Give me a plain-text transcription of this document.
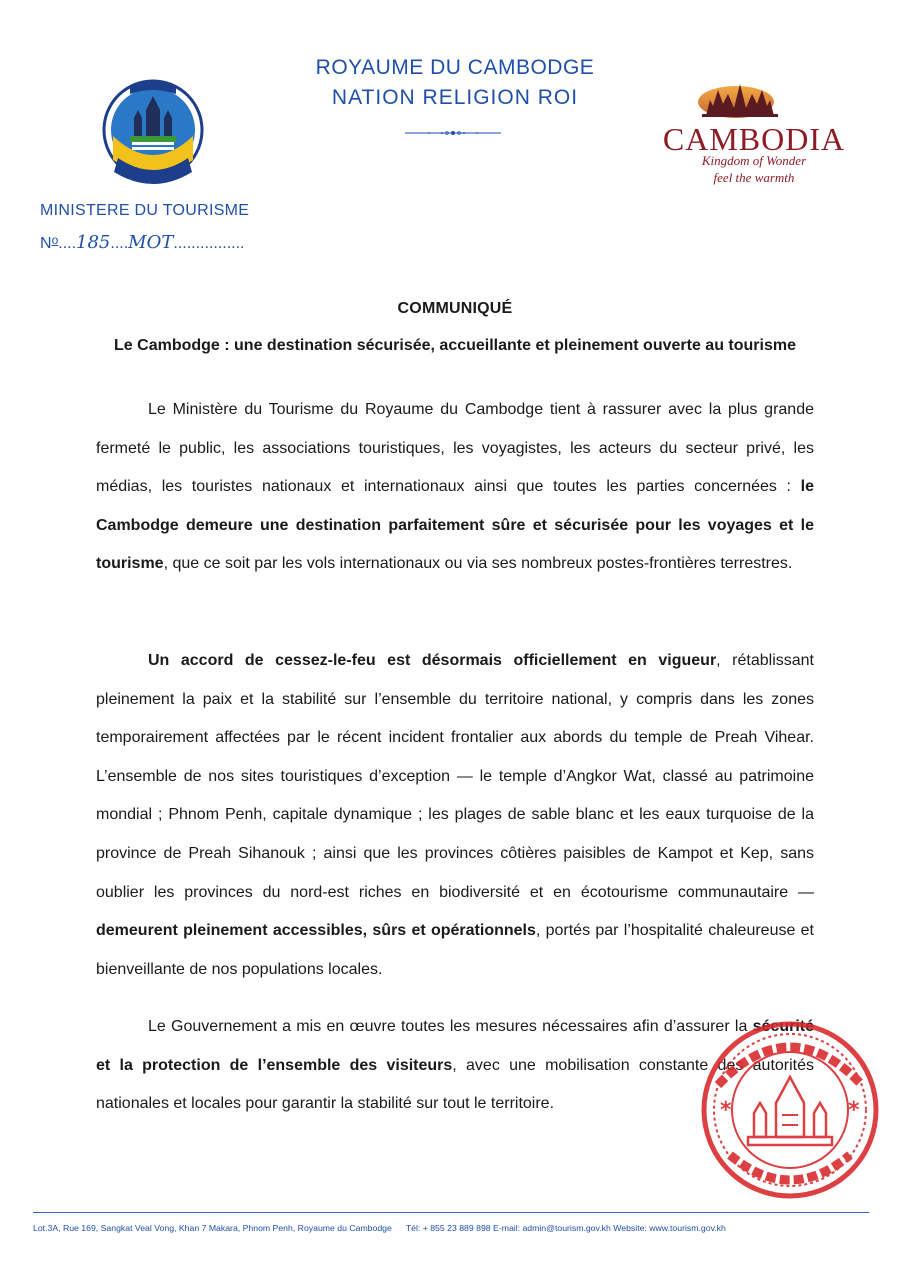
ROYAUME DU CAMBODGE
NATION RELIGION ROI
CAMBODIA
Kingdom of Wonder
feel the warmth
MINISTERE DU TOURISME
$N^o....185....MOT$................
COMMUNIQUÉ
Le Cambodge : une destination sécurisée, accueillante et pleinement ouverte au tourisme

Le Ministère du Tourisme du Royaume du Cambodge tient à rassurer avec la plus grande fermeté le public, les associations touristiques, les voyagistes, les acteurs du secteur privé, les médias, les touristes nationaux et internationaux ainsi que toutes les parties concernées : le Cambodge demeure une destination parfaitement sûre et sécurisée pour les voyages et le tourisme, que ce soit par les vols internationaux ou via ses nombreux postes-frontières terrestres.

Un accord de cessez-le-feu est désormais officiellement en vigueur, rétablissant pleinement la paix et la stabilité sur l’ensemble du territoire national, y compris dans les zones temporairement affectées par le récent incident frontalier aux abords du temple de Preah Vihear. L’ensemble de nos sites touristiques d’exception — le temple d’Angkor Wat, classé au patrimoine mondial ; Phnom Penh, capitale dynamique ; les plages de sable blanc et les eaux turquoise de la province de Preah Sihanouk ; ainsi que les provinces côtières paisibles de Kampot et Kep, sans oublier les provinces du nord-est riches en biodiversité et en écotourisme communautaire — demeurent pleinement accessibles, sûrs et opérationnels, portés par l’hospitalité chaleureuse et bienveillante de nos populations locales.

Le Gouvernement a mis en œuvre toutes les mesures nécessaires afin d’assurer la sécurité et la protection de l’ensemble des visiteurs, avec une mobilisation constante des autorités nationales et locales pour garantir la stabilité sur tout le territoire.	*	*
Lot.3A, Rue 169, Sangkat Veal Vong, Khan 7 Makara, Phnom Penh, Royaume du Cambodge Tél: + 855 23 889 898 E-mail: admin@tourism.gov.kh Website: www.tourism.gov.kh
